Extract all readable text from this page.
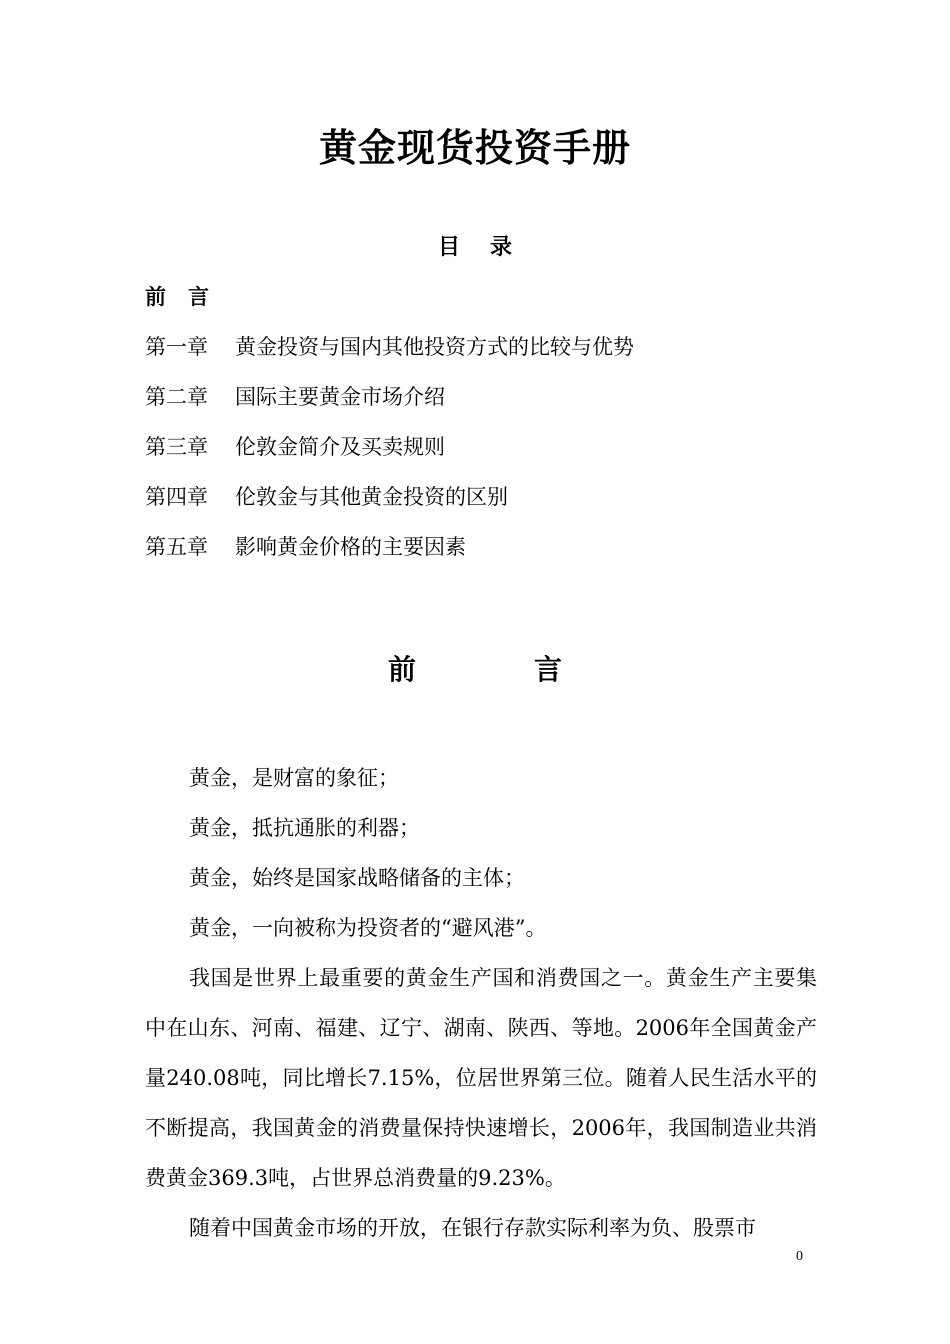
黄金现货投资手册
目 录
前 言
第一章 黄金投资与国内其他投资方式的比较与优势
第二章 国际主要黄金市场介绍
第三章 伦敦金简介及买卖规则
第四章 伦敦金与其他黄金投资的区别
第五章 影响黄金价格的主要因素
前	言

黄金，是财富的象征；

黄金，抵抗通胀的利器；

黄金，始终是国家战略储备的主体；

黄金，一向被称为投资者的“避风港”。

我国是世界上最重要的黄金生产国和消费国之一。黄金生产主要集中在山东、河南、福建、辽宁、湖南、陕西、等地。2006年全国黄金产量240.08吨，同比增长7.15%，位居世界第三位。随着人民生活水平的不断提高，我国黄金的消费量保持快速增长，2006年，我国制造业共消费黄金369.3吨，占世界总消费量的9.23%。

随着中国黄金市场的开放，在银行存款实际利率为负、股票市

0
